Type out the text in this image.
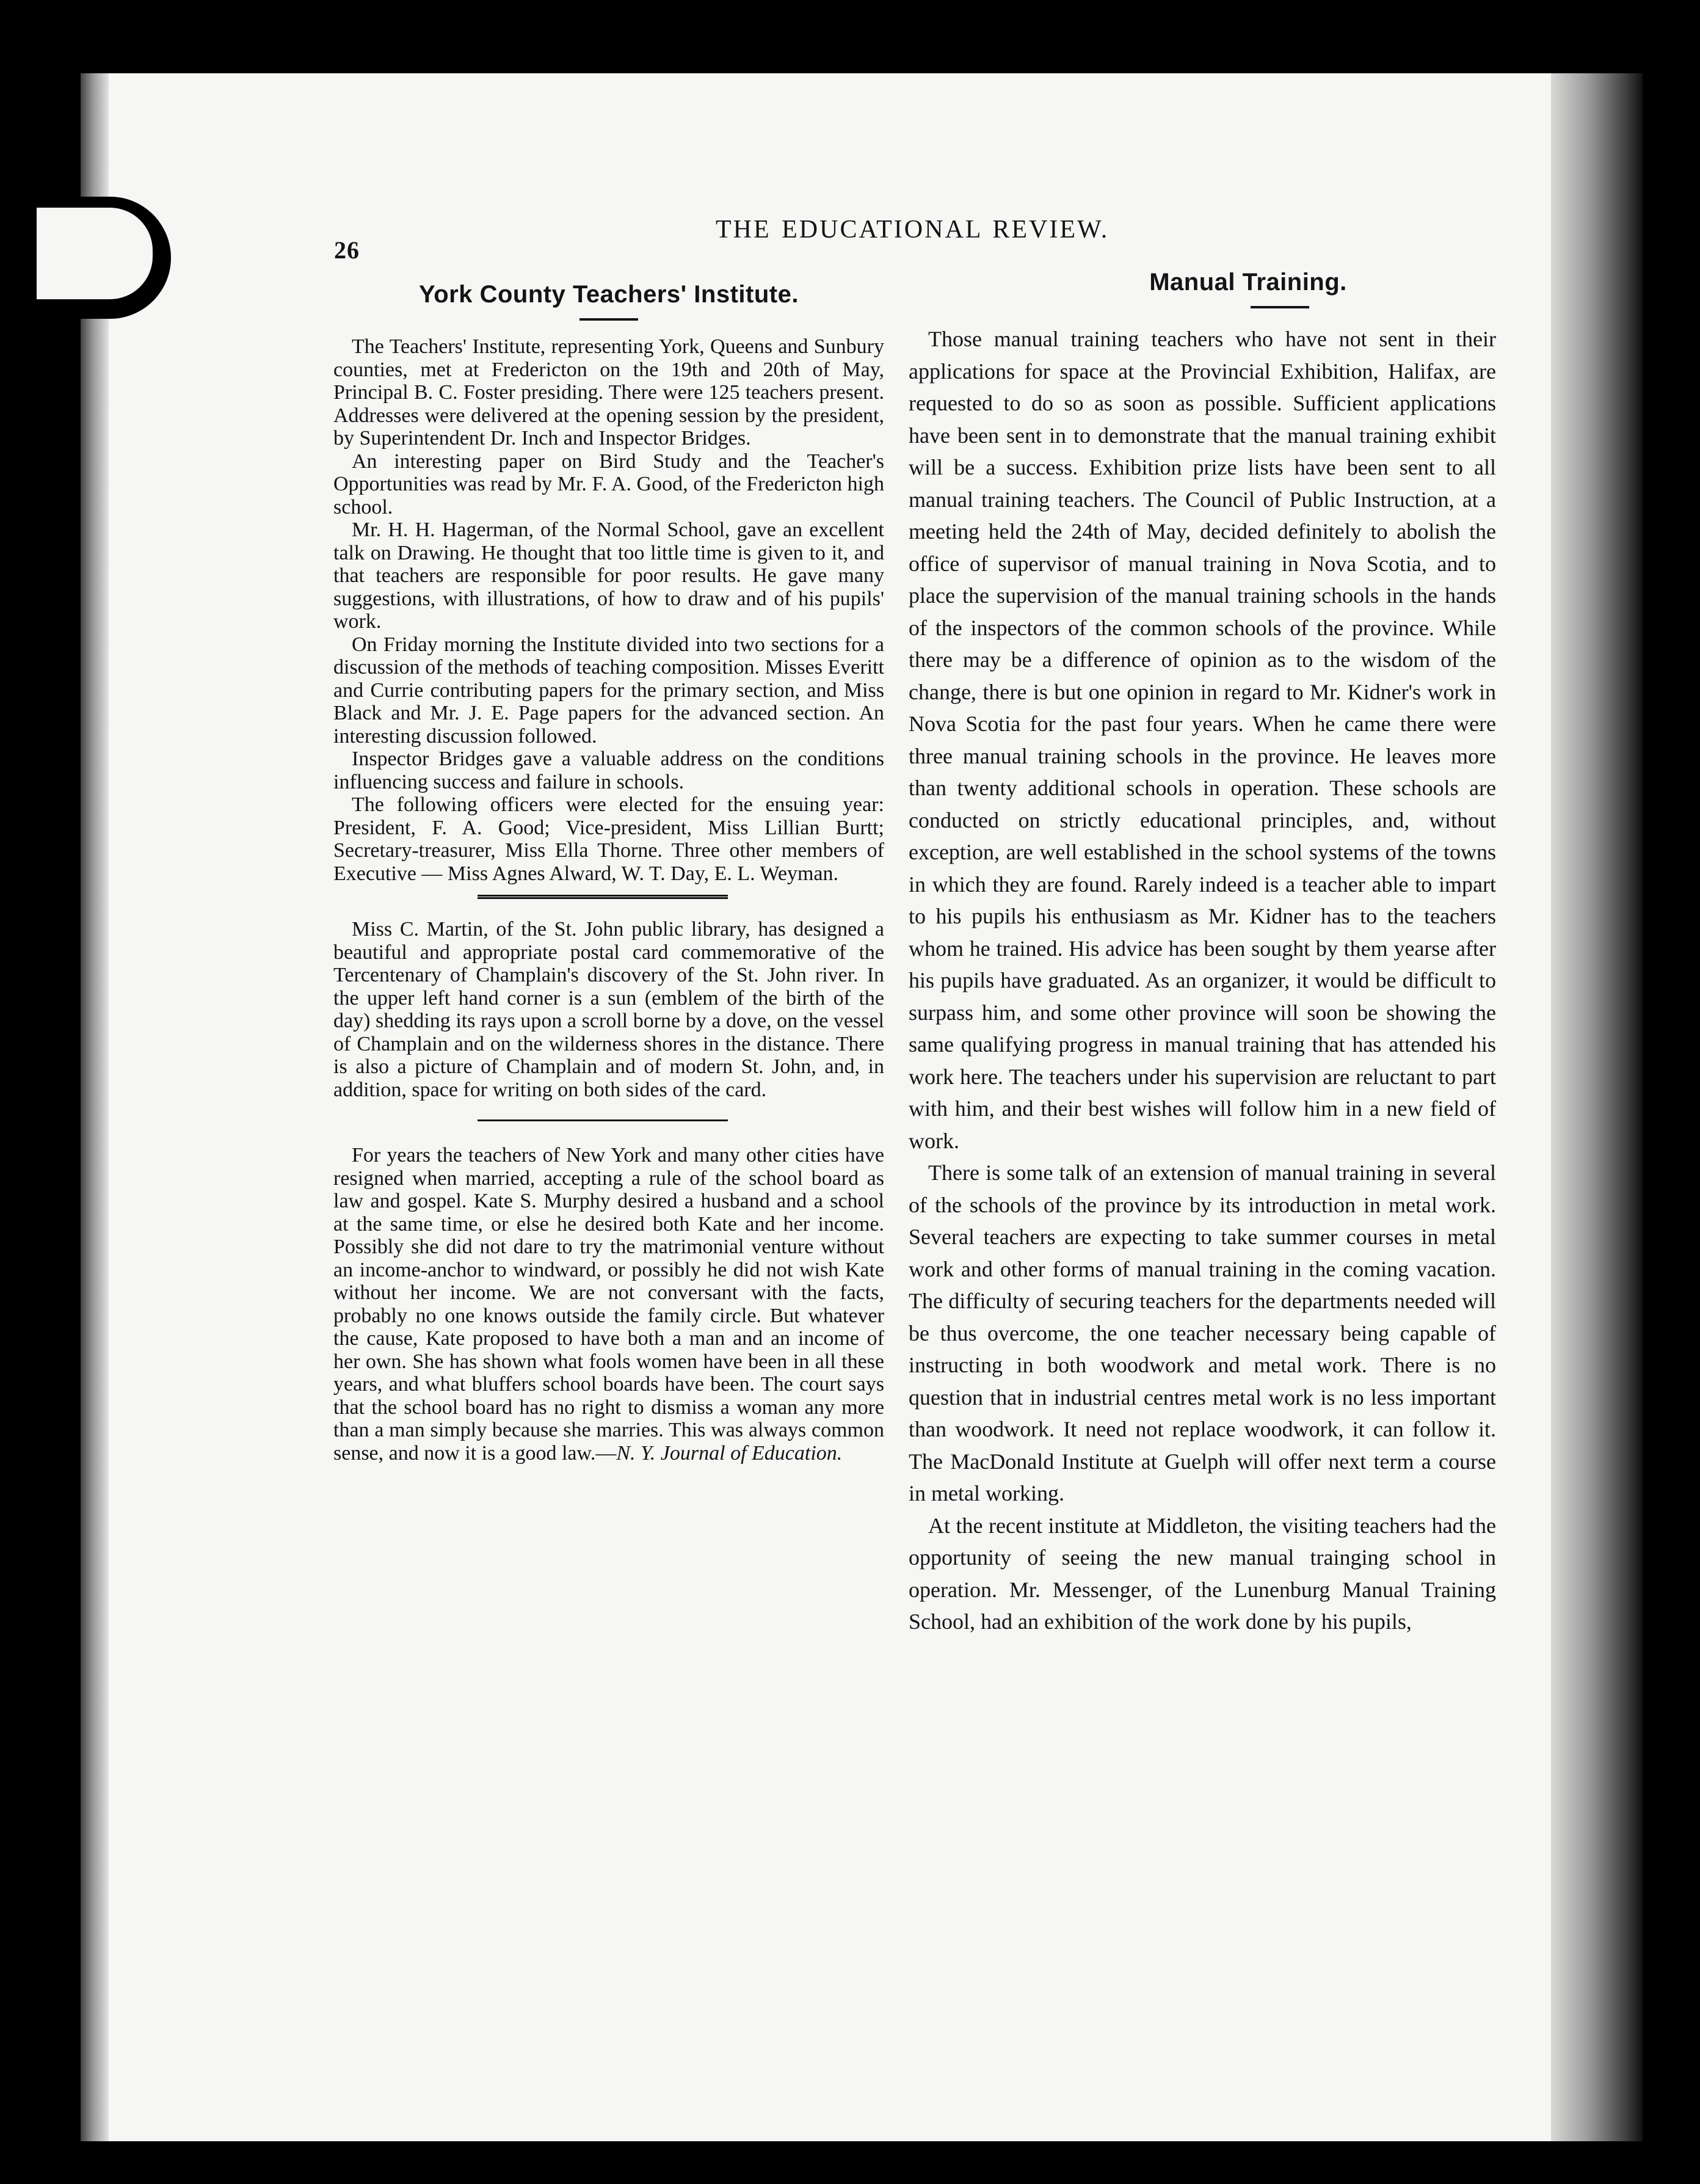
26
THE EDUCATIONAL REVIEW.
York County Teachers' Institute.

The Teachers' Institute, representing York, Queens and Sunbury counties, met at Fredericton on the 19th and 20th of May, Principal B. C. Foster presiding. There were 125 teachers present. Addresses were delivered at the opening session by the president, by Superintendent Dr. Inch and Inspector Bridges.

An interesting paper on Bird Study and the Teacher's Opportunities was read by Mr. F. A. Good, of the Fredericton high school.

Mr. H. H. Hagerman, of the Normal School, gave an excellent talk on Drawing. He thought that too little time is given to it, and that teachers are responsible for poor results. He gave many suggestions, with illustrations, of how to draw and of his pupils' work.

On Friday morning the Institute divided into two sections for a discussion of the methods of teaching composition. Misses Everitt and Currie contributing papers for the primary section, and Miss Black and Mr. J. E. Page papers for the advanced section. An interesting discussion followed.

Inspector Bridges gave a valuable address on the conditions influencing success and failure in schools.

The following officers were elected for the ensuing year: President, F. A. Good; Vice-president, Miss Lillian Burtt; Secretary-treasurer, Miss Ella Thorne. Three other members of Executive — Miss Agnes Alward, W. T. Day, E. L. Weyman.

Miss C. Martin, of the St. John public library, has designed a beautiful and appropriate postal card commemorative of the Tercentenary of Champlain's discovery of the St. John river. In the upper left hand corner is a sun (emblem of the birth of the day) shedding its rays upon a scroll borne by a dove, on the vessel of Champlain and on the wilderness shores in the distance. There is also a picture of Champlain and of modern St. John, and, in addition, space for writing on both sides of the card.

For years the teachers of New York and many other cities have resigned when married, accepting a rule of the school board as law and gospel. Kate S. Murphy desired a husband and a school at the same time, or else he desired both Kate and her income. Possibly she did not dare to try the matrimonial venture without an income-anchor to windward, or possibly he did not wish Kate without her income. We are not conversant with the facts, probably no one knows outside the family circle. But whatever the cause, Kate proposed to have both a man and an income of her own. She has shown what fools women have been in all these years, and what bluffers school boards have been. The court says that the school board has no right to dismiss a woman any more than a man simply because she marries. This was always common sense, and now it is a good law.—N. Y. Journal of Education.

Manual Training.

Those manual training teachers who have not sent in their applications for space at the Provincial Exhibition, Halifax, are requested to do so as soon as possible. Sufficient applications have been sent in to demonstrate that the manual training exhibit will be a success. Exhibition prize lists have been sent to all manual training teachers. The Council of Public Instruction, at a meeting held the 24th of May, decided definitely to abolish the office of supervisor of manual training in Nova Scotia, and to place the supervision of the manual training schools in the hands of the inspectors of the common schools of the province. While there may be a difference of opinion as to the wisdom of the change, there is but one opinion in regard to Mr. Kidner's work in Nova Scotia for the past four years. When he came there were three manual training schools in the province. He leaves more than twenty additional schools in operation. These schools are conducted on strictly educational principles, and, without exception, are well established in the school systems of the towns in which they are found. Rarely indeed is a teacher able to impart to his pupils his enthusiasm as Mr. Kidner has to the teachers whom he trained. His advice has been sought by them yearse after his pupils have graduated. As an organizer, it would be difficult to surpass him, and some other province will soon be showing the same qualifying progress in manual training that has attended his work here. The teachers under his supervision are reluctant to part with him, and their best wishes will follow him in a new field of work.

There is some talk of an extension of manual training in several of the schools of the province by its introduction in metal work. Several teachers are expecting to take summer courses in metal work and other forms of manual training in the coming vacation. The difficulty of securing teachers for the departments needed will be thus overcome, the one teacher necessary being capable of instructing in both woodwork and metal work. There is no question that in industrial centres metal work is no less important than woodwork. It need not replace woodwork, it can follow it. The MacDonald Institute at Guelph will offer next term a course in metal working.

At the recent institute at Middleton, the visiting teachers had the opportunity of seeing the new manual trainging school in operation. Mr. Messenger, of the Lunenburg Manual Training School, had an exhibition of the work done by his pupils,
